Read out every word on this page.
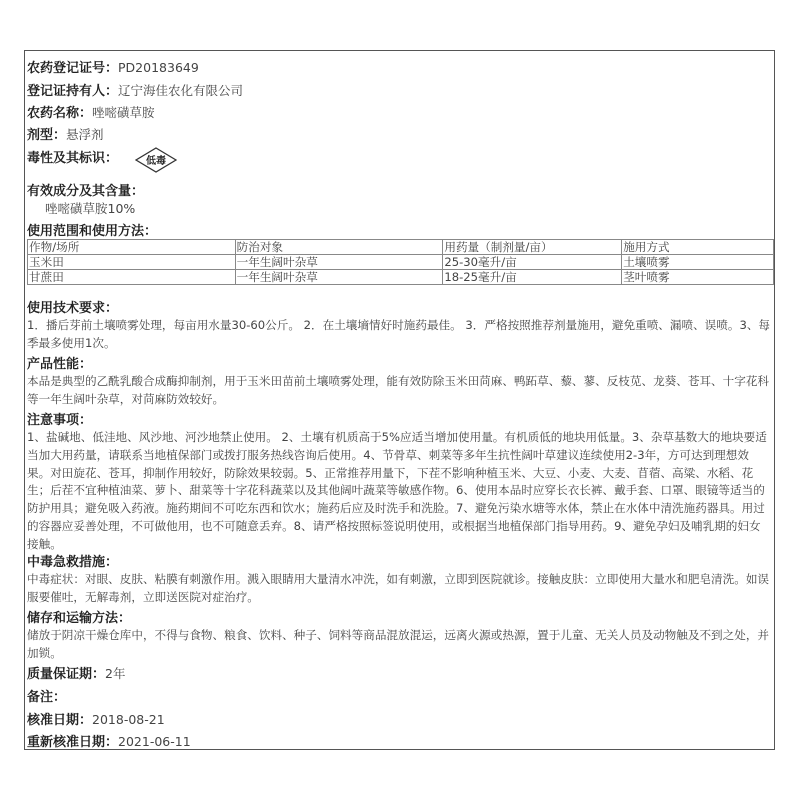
农药登记证号：PD20183649
登记证持有人：辽宁海佳农化有限公司
农药名称：唑嘧磺草胺
剂型：悬浮剂
毒性及其标识：	低毒
有效成分及其含量：
唑嘧磺草胺10%
使用范围和使用方法：
作物/场所	防治对象	用药量（制剂量/亩）	施用方式
玉米田	一年生阔叶杂草	25-30毫升/亩	土壤喷雾
甘蔗田	一年生阔叶杂草	18-25毫升/亩	茎叶喷雾
使用技术要求：

1．播后芽前土壤喷雾处理，每亩用水量30-60公斤。 2．在土壤墒情好时施药最佳。 3．严格按照推荐剂量施用，避免重喷、漏喷、误喷。3、每季最多使用1次。

产品性能：

本品是典型的乙酰乳酸合成酶抑制剂，用于玉米田苗前土壤喷雾处理，能有效防除玉米田苘麻、鸭跖草、藜、蓼、反枝苋、龙葵、苍耳、十字花科等一年生阔叶杂草，对苘麻防效较好。

注意事项：

1、盐碱地、低洼地、风沙地、河沙地禁止使用。 2、土壤有机质高于5%应适当增加使用量。有机质低的地块用低量。3、杂草基数大的地块要适当加大用药量，请联系当地植保部门或拨打服务热线咨询后使用。4、节骨草、刺菜等多年生抗性阔叶草建议连续使用2-3年，方可达到理想效果。对田旋花、苍耳，抑制作用较好，防除效果较弱。5、正常推荐用量下，下茬不影响种植玉米、大豆、小麦、大麦、苜蓿、高粱、水稻、花生；后茬不宜种植油菜、萝卜、甜菜等十字花科蔬菜以及其他阔叶蔬菜等敏感作物。6、使用本品时应穿长衣长裤、戴手套、口罩、眼镜等适当的防护用具；避免吸入药液。施药期间不可吃东西和饮水；施药后应及时洗手和洗脸。7、避免污染水塘等水体，禁止在水体中清洗施药器具。用过的容器应妥善处理，不可做他用，也不可随意丢弃。8、请严格按照标签说明使用，或根据当地植保部门指导用药。9、避免孕妇及哺乳期的妇女接触。

中毒急救措施：

中毒症状：对眼、皮肤、粘膜有刺激作用。溅入眼睛用大量清水冲洗，如有刺激，立即到医院就诊。接触皮肤：立即使用大量水和肥皂清洗。如误服要催吐，无解毒剂，立即送医院对症治疗。

储存和运输方法：

储放于阴凉干燥仓库中，不得与食物、粮食、饮料、种子、饲料等商品混放混运，远离火源或热源，置于儿童、无关人员及动物触及不到之处，并加锁。

质量保证期：2年
备注：
核准日期：2018-08-21
重新核准日期：2021-06-11
